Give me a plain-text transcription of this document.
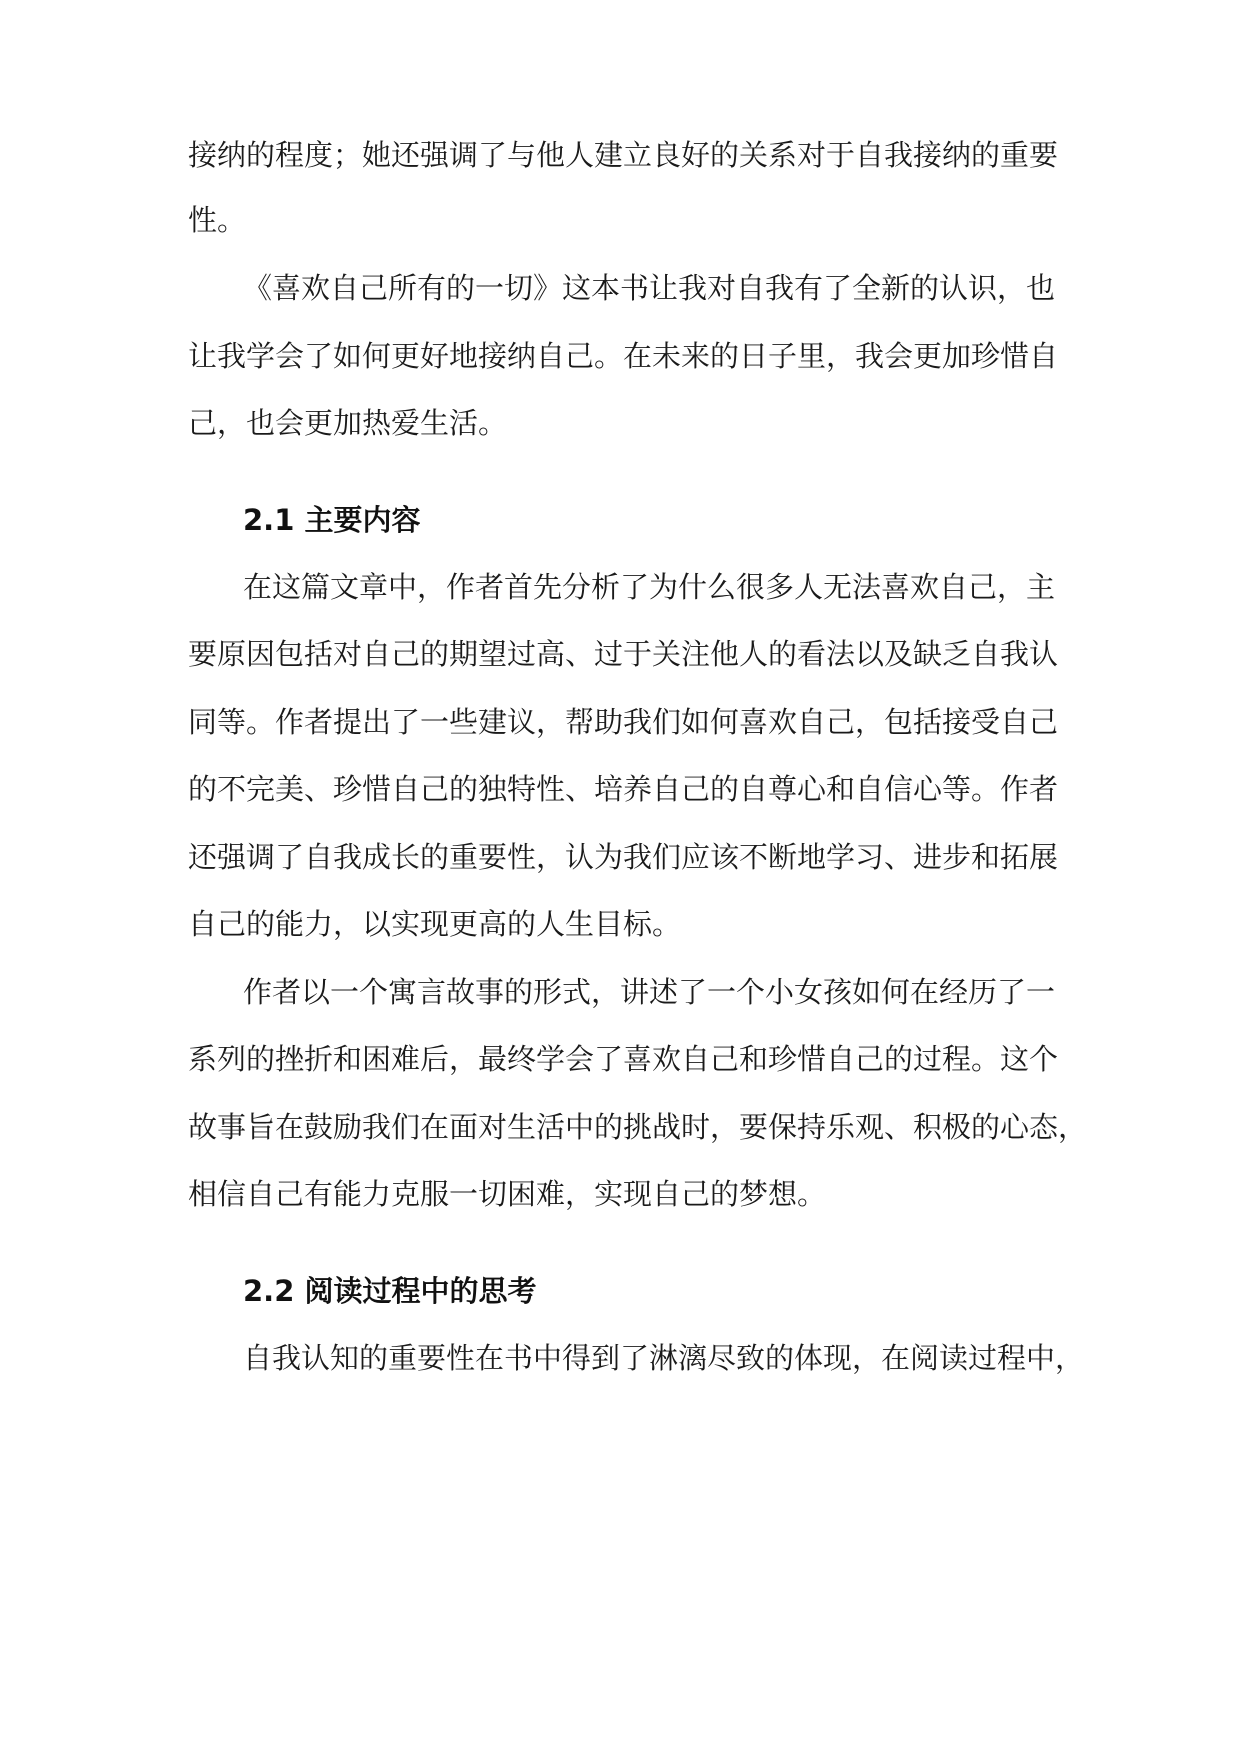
接纳的程度；她还强调了与他人建立良好的关系对于自我接纳的重要
性。
《喜欢自己所有的一切》这本书让我对自我有了全新的认识，也
让我学会了如何更好地接纳自己。在未来的日子里，我会更加珍惜自
己，也会更加热爱生活。
2.1 主要内容
在这篇文章中，作者首先分析了为什么很多人无法喜欢自己，主
要原因包括对自己的期望过高、过于关注他人的看法以及缺乏自我认
同等。作者提出了一些建议，帮助我们如何喜欢自己，包括接受自己
的不完美、珍惜自己的独特性、培养自己的自尊心和自信心等。作者
还强调了自我成长的重要性，认为我们应该不断地学习、进步和拓展
自己的能力，以实现更高的人生目标。
作者以一个寓言故事的形式，讲述了一个小女孩如何在经历了一
系列的挫折和困难后，最终学会了喜欢自己和珍惜自己的过程。这个
故事旨在鼓励我们在面对生活中的挑战时，要保持乐观、积极的心态，
相信自己有能力克服一切困难，实现自己的梦想。
2.2 阅读过程中的思考
自我认知的重要性在书中得到了淋漓尽致的体现，在阅读过程中，
